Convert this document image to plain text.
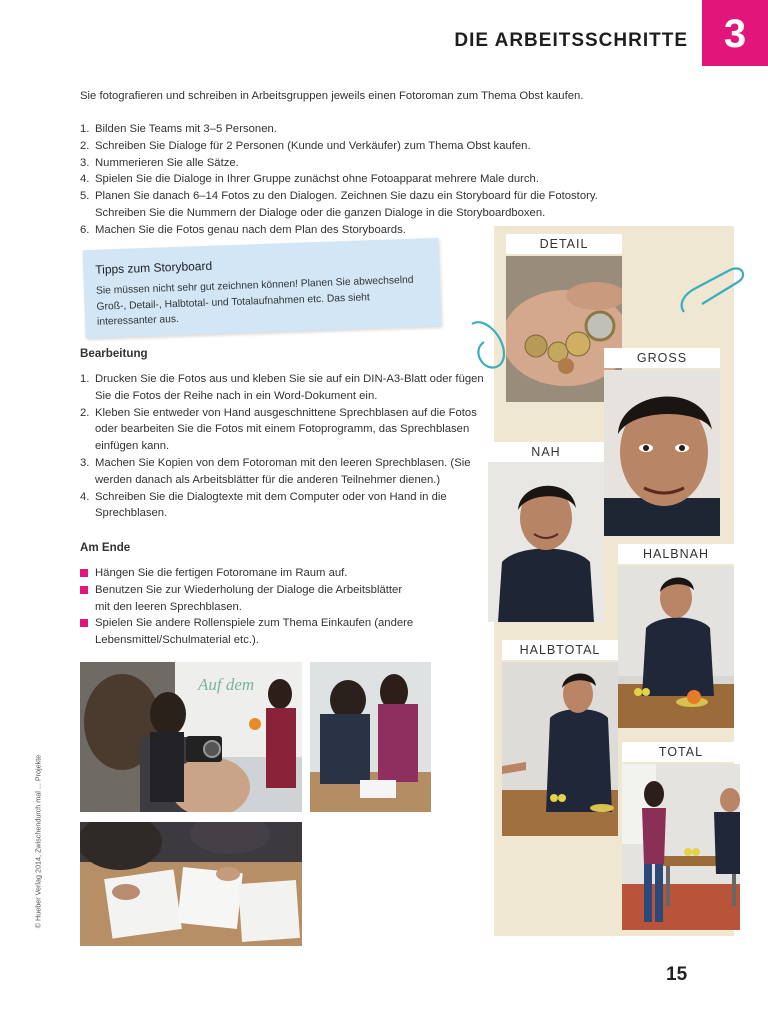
DIE ARBEITSSCHRITTE 3
Sie fotografieren und schreiben in Arbeitsgruppen jeweils einen Fotoroman zum Thema Obst kaufen.
1. Bilden Sie Teams mit 3–5 Personen.
2. Schreiben Sie Dialoge für 2 Personen (Kunde und Verkäufer) zum Thema Obst kaufen.
3. Nummerieren Sie alle Sätze.
4. Spielen Sie die Dialoge in Ihrer Gruppe zunächst ohne Fotoapparat mehrere Male durch.
5. Planen Sie danach 6–14 Fotos zu den Dialogen. Zeichnen Sie dazu ein Storyboard für die Fotostory. Schreiben Sie die Nummern der Dialoge oder die ganzen Dialoge in die Storyboardboxen.
6. Machen Sie die Fotos genau nach dem Plan des Storyboards.
Tipps zum Storyboard
Sie müssen nicht sehr gut zeichnen können! Planen Sie abwechselnd Groß-, Detail-, Halbtotal- und Totalaufnahmen etc. Das sieht interessanter aus.
Bearbeitung
1. Drucken Sie die Fotos aus und kleben Sie sie auf ein DIN-A3-Blatt oder fügen Sie die Fotos der Reihe nach in ein Word-Dokument ein.
2. Kleben Sie entweder von Hand ausgeschnittene Sprechblasen auf die Fotos oder bearbeiten Sie die Fotos mit einem Fotoprogramm, das Sprechblasen einfügen kann.
3. Machen Sie Kopien von dem Fotoroman mit den leeren Sprechblasen. (Sie werden danach als Arbeitsblätter für die anderen Teilnehmer dienen.)
4. Schreiben Sie die Dialogtexte mit dem Computer oder von Hand in die Sprechblasen.
Am Ende
Hängen Sie die fertigen Fotoromane im Raum auf.
Benutzen Sie zur Wiederholung der Dialoge die Arbeitsblätter mit den leeren Sprechblasen.
Spielen Sie andere Rollenspiele zum Thema Einkaufen (andere Lebensmittel/Schulmaterial etc.).
Auf dem
DETAIL
GROSS
NAH
HALBNAH
HALBTOTAL
TOTAL
© Hueber Verlag 2014, Zwischendurch mal ... Projekte
15
